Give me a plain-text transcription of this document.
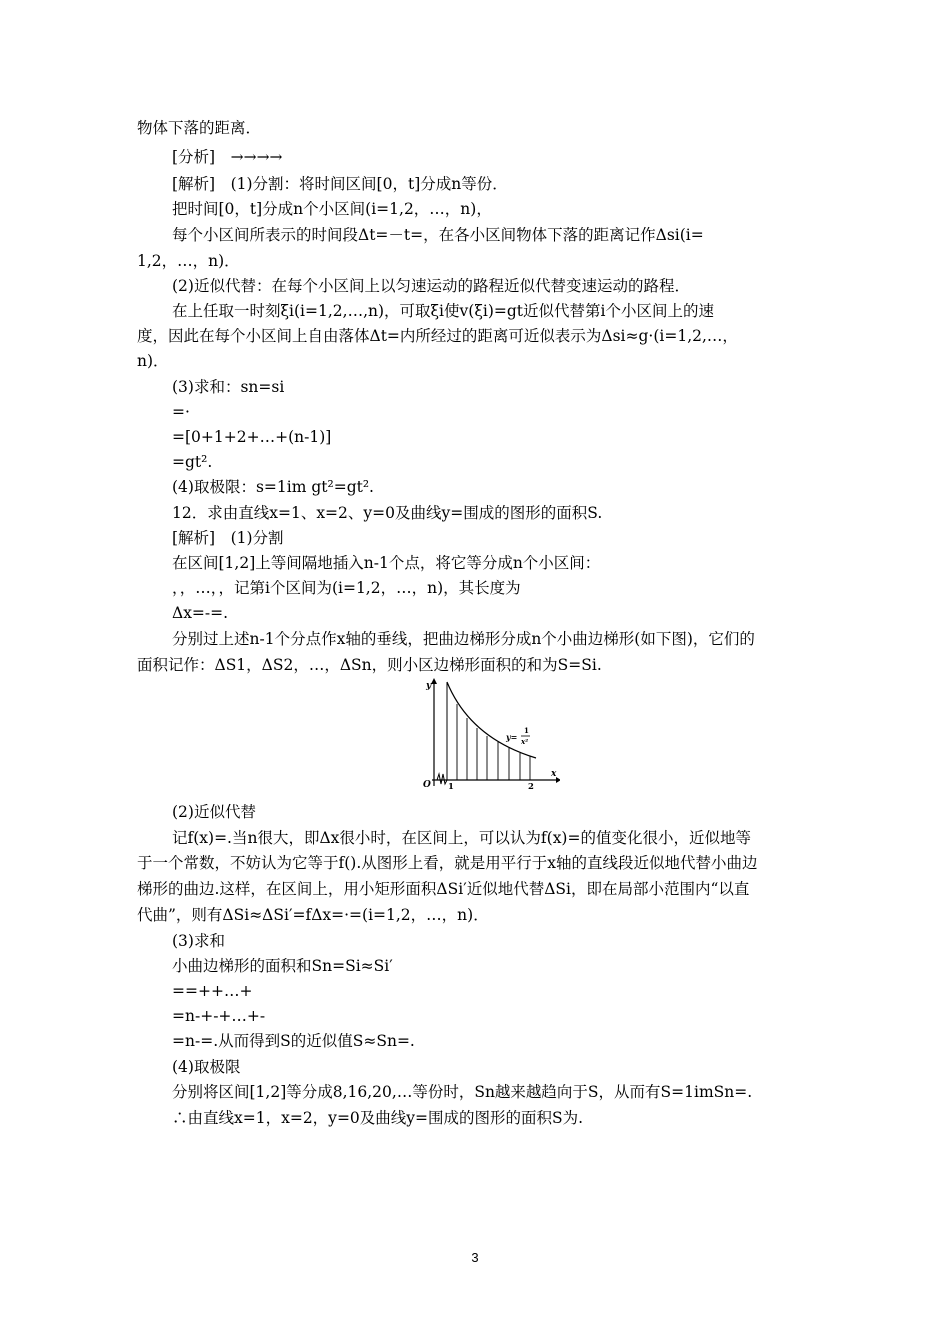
物体下落的距离．
[分析]　→→→→
[解析]　(1)分割：将时间区间[0，t]分成n等份．
把时间[0，t]分成n个小区间(i=1,2，…，n)，
每个小区间所表示的时间段Δt=－t=，在各小区间物体下落的距离记作Δsi(i=
1,2，…，n)．
(2)近似代替：在每个小区间上以匀速运动的路程近似代替变速运动的路程．
在上任取一时刻ξi(i=1,2,…,n)，可取ξi使v(ξi)=gt近似代替第i个小区间上的速
度，因此在每个小区间上自由落体Δt=内所经过的距离可近似表示为Δsi≈g·(i=1,2,…，
n)．
(3)求和：sn=si
=·
=[0+1+2+…+(n-1)]
=gt².
(4)取极限：s=1im gt²=gt².
12．求由直线x=1、x=2、y=0及曲线y=围成的图形的面积S.
[解析]　(1)分割
在区间[1,2]上等间隔地插入n-1个点，将它等分成n个小区间：
，，…，，记第i个区间为(i=1,2，…，n)，其长度为
Δx=-=.
分别过上述n-1个分点作x轴的垂线，把曲边梯形分成n个小曲边梯形(如下图)，它们的
面积记作：ΔS1，ΔS2，…，ΔSn，则小区边梯形面积的和为S=Si.
y
x
O 1	2
y=
1
x²
(2)近似代替
记f(x)=.当n很大，即Δx很小时，在区间上，可以认为f(x)=的值变化很小，近似地等
于一个常数，不妨认为它等于f().从图形上看，就是用平行于x轴的直线段近似地代替小曲边
梯形的曲边.这样，在区间上，用小矩形面积ΔSi′近似地代替ΔSi，即在局部小范围内“以直
代曲”，则有ΔSi≈ΔSi′=fΔx=·=(i=1,2，…，n)．
(3)求和
小曲边梯形的面积和Sn=Si≈Si′
==++…+
=n-+-+…+-
=n-=.从而得到S的近似值S≈Sn=.
(4)取极限
分别将区间[1,2]等分成8,16,20,…等份时，Sn越来越趋向于S，从而有S=1imSn=.
∴由直线x=1，x=2，y=0及曲线y=围成的图形的面积S为.
3
